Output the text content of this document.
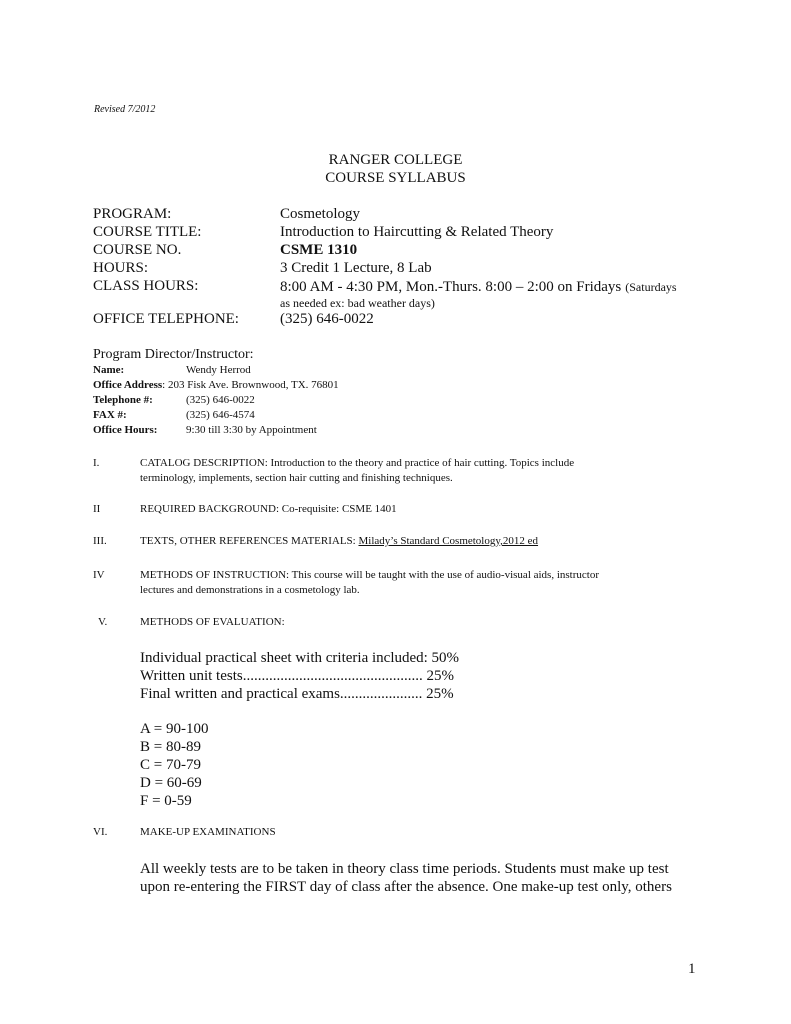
Revised 7/2012
RANGER COLLEGE
COURSE SYLLABUS
PROGRAM:	Cosmetology
COURSE TITLE:	Introduction to Haircutting & Related Theory
COURSE NO.	CSME 1310
HOURS:	3 Credit 1 Lecture, 8 Lab
CLASS HOURS:	8:00 AM - 4:30 PM, Mon.-Thurs. 8:00 – 2:00 on Fridays (Saturdays
as needed ex: bad weather days)
OFFICE TELEPHONE:	(325) 646-0022
Program Director/Instructor:
Name:	Wendy Herrod
Office Address: 203 Fisk Ave. Brownwood, TX. 76801
Telephone #:	(325) 646-0022
FAX #:	(325) 646-4574
Office Hours:	9:30 till 3:30 by Appointment
I.	CATALOG DESCRIPTION: Introduction to the theory and practice of hair cutting. Topics include
terminology, implements, section hair cutting and finishing techniques.
II	REQUIRED BACKGROUND: Co-requisite: CSME 1401
III.	TEXTS, OTHER REFERENCES MATERIALS: Milady’s Standard Cosmetology,2012 ed
IV	METHODS OF INSTRUCTION: This course will be taught with the use of audio-visual aids, instructor
lectures and demonstrations in a cosmetology lab.
V.	METHODS OF EVALUATION:
Individual practical sheet with criteria included: 50%
Written unit tests................................................ 25%
Final written and practical exams...................... 25%
A = 90-100
B = 80-89
C = 70-79
D = 60-69
F = 0-59
VI.	MAKE-UP EXAMINATIONS
All weekly tests are to be taken in theory class time periods. Students must make up test
upon re-entering the FIRST day of class after the absence. One make-up test only, others
1
